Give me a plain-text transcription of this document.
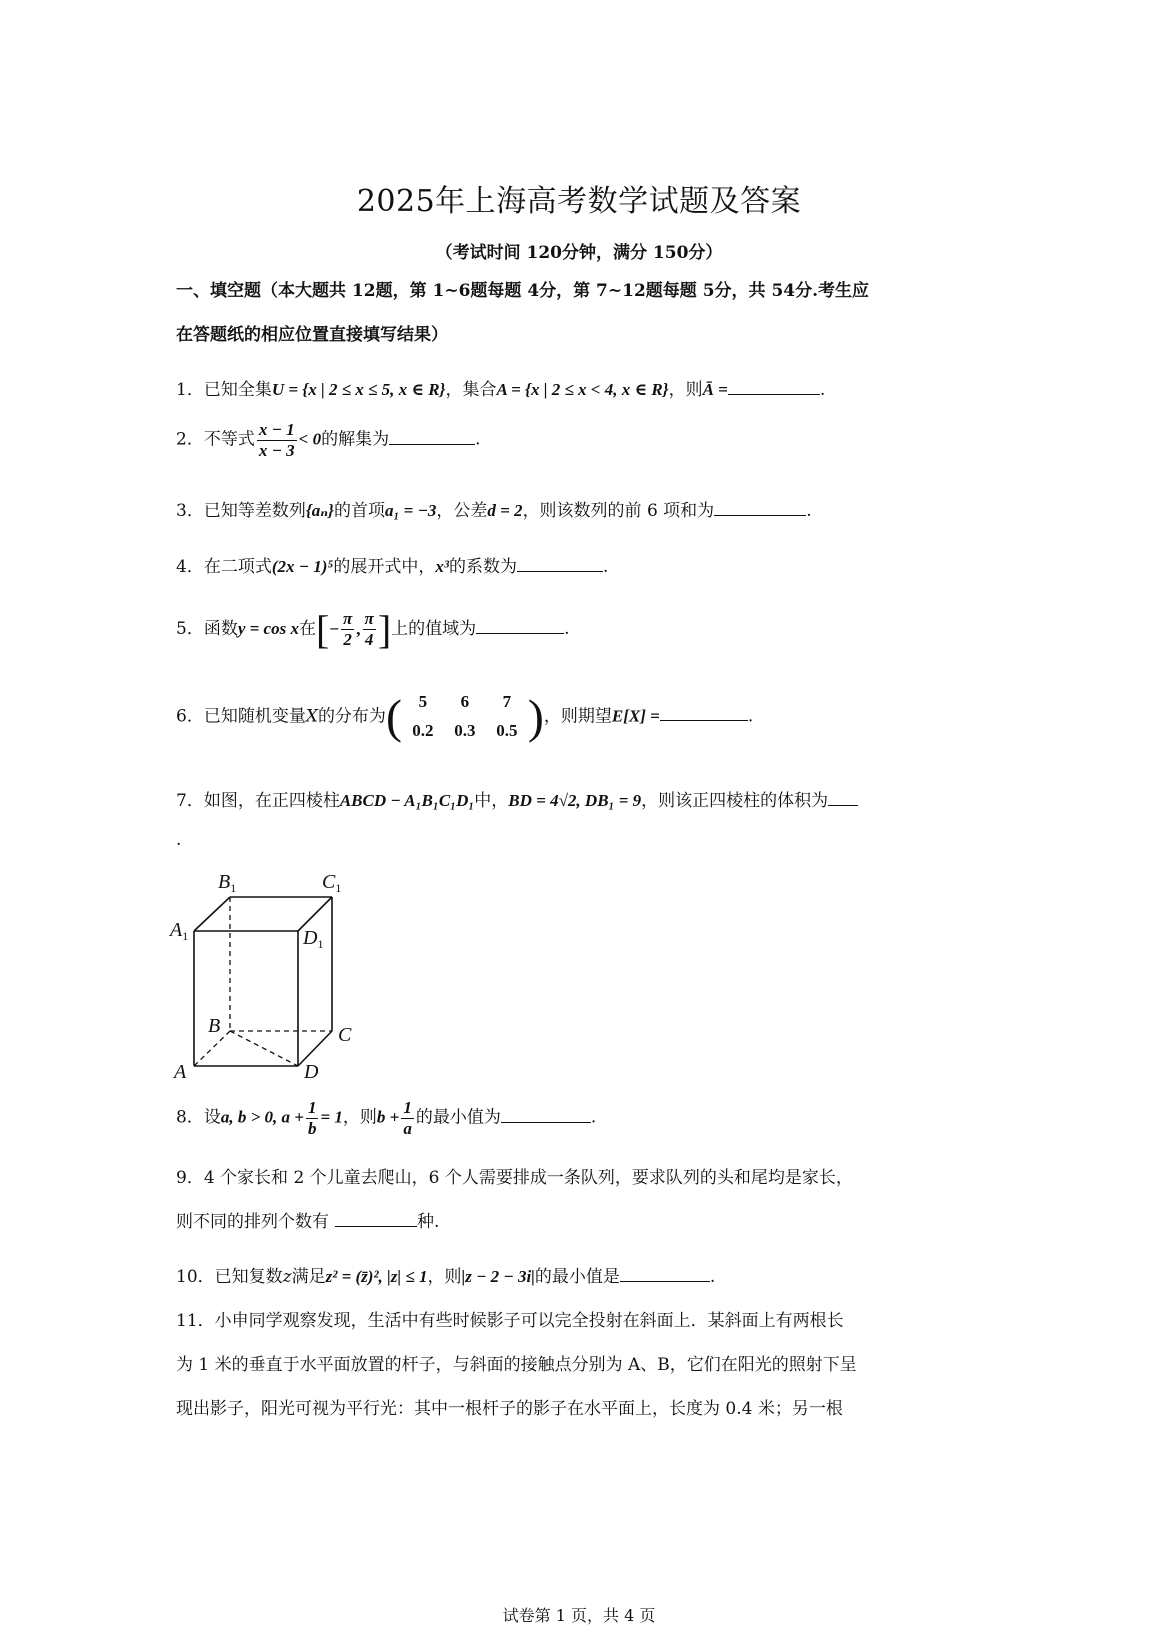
2025年上海高考数学试题及答案
（考试时间 120分钟，满分 150分）
一、填空题（本大题共 12题，第 1~6题每题 4分，第 7~12题每题 5分，共 54分.考生应
在答题纸的相应位置直接填写结果）
1．已知全集U = {x | 2 ≤ x ≤ 5, x ∈ R}，集合A = {x | 2 ≤ x < 4, x ∈ R}，则Ā =	.
2．不等式 $\frac{x - 1}{x - 3} < 0$的解集为	.
3．已知等差数列{aₙ}的首项a₁ = −3，公差d = 2，则该数列的前 6 项和为	.
4．在二项式(2x − 1)⁵的展开式中，x³的系数为	.
5．函数y = cos x在[− $\frac{\pi}{2}$ , $\frac{\pi}{4}$ ]上的值域为	.
6．已知随机变量X的分布为( 5 6 7
0.2 0.3 0.5 )，则期望E[X] =	.
7．如图，在正四棱柱ABCD − A₁B₁C₁D₁中，BD = 4√2, DB₁ = 9，则该正四棱柱的体积为
.
$B_1$	$C_1$
$A_1$	$D_1$
B	C
A	D
8．设a, b > 0, $a + \frac{1}{b} = 1$，则$b + \frac{1}{a}$ 的最小值为	.
9．4 个家长和 2 个儿童去爬山，6 个人需要排成一条队列，要求队列的头和尾均是家长，
则不同的排列个数有	种.
10．已知复数z满足z² = (z̄)², |z| ≤ 1，则|z − 2 − 3i|的最小值是	.
11．小申同学观察发现，生活中有些时候影子可以完全投射在斜面上．某斜面上有两根长
为 1 米的垂直于水平面放置的杆子，与斜面的接触点分别为 A、B，它们在阳光的照射下呈
现出影子，阳光可视为平行光：其中一根杆子的影子在水平面上，长度为 0.4 米；另一根
试卷第 1 页，共 4 页
